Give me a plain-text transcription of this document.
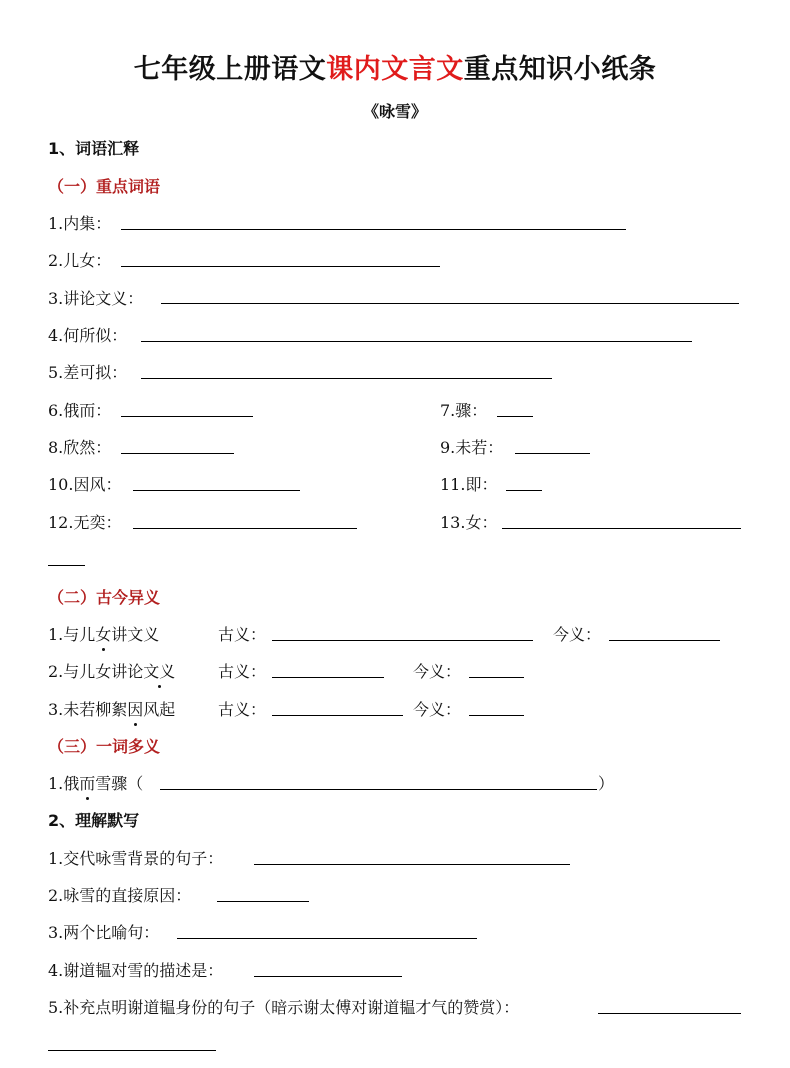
七年级上册语文课内文言文重点知识小纸条
《咏雪》
1、词语汇释
（一）重点词语
1.内集：
2.儿女：
3.讲论文义：
4.何所似：
5.差可拟：
6.俄而：	7.骤：
8.欣然：	9.未若：
10.因风：	11.即：
12.无奕：	13.女：
（二）古今异义
1.与儿女讲文义	古义：	今义：
2.与儿女讲论文义	古义：	今义：
3.未若柳絮因风起	古义：	今义：
（三）一词多义
1.俄而雪骤（	）
2、理解默写
1.交代咏雪背景的句子：
2.咏雪的直接原因：
3.两个比喻句：
4.谢道韫对雪的描述是：
5.补充点明谢道韫身份的句子（暗示谢太傅对谢道韫才气的赞赏）：
